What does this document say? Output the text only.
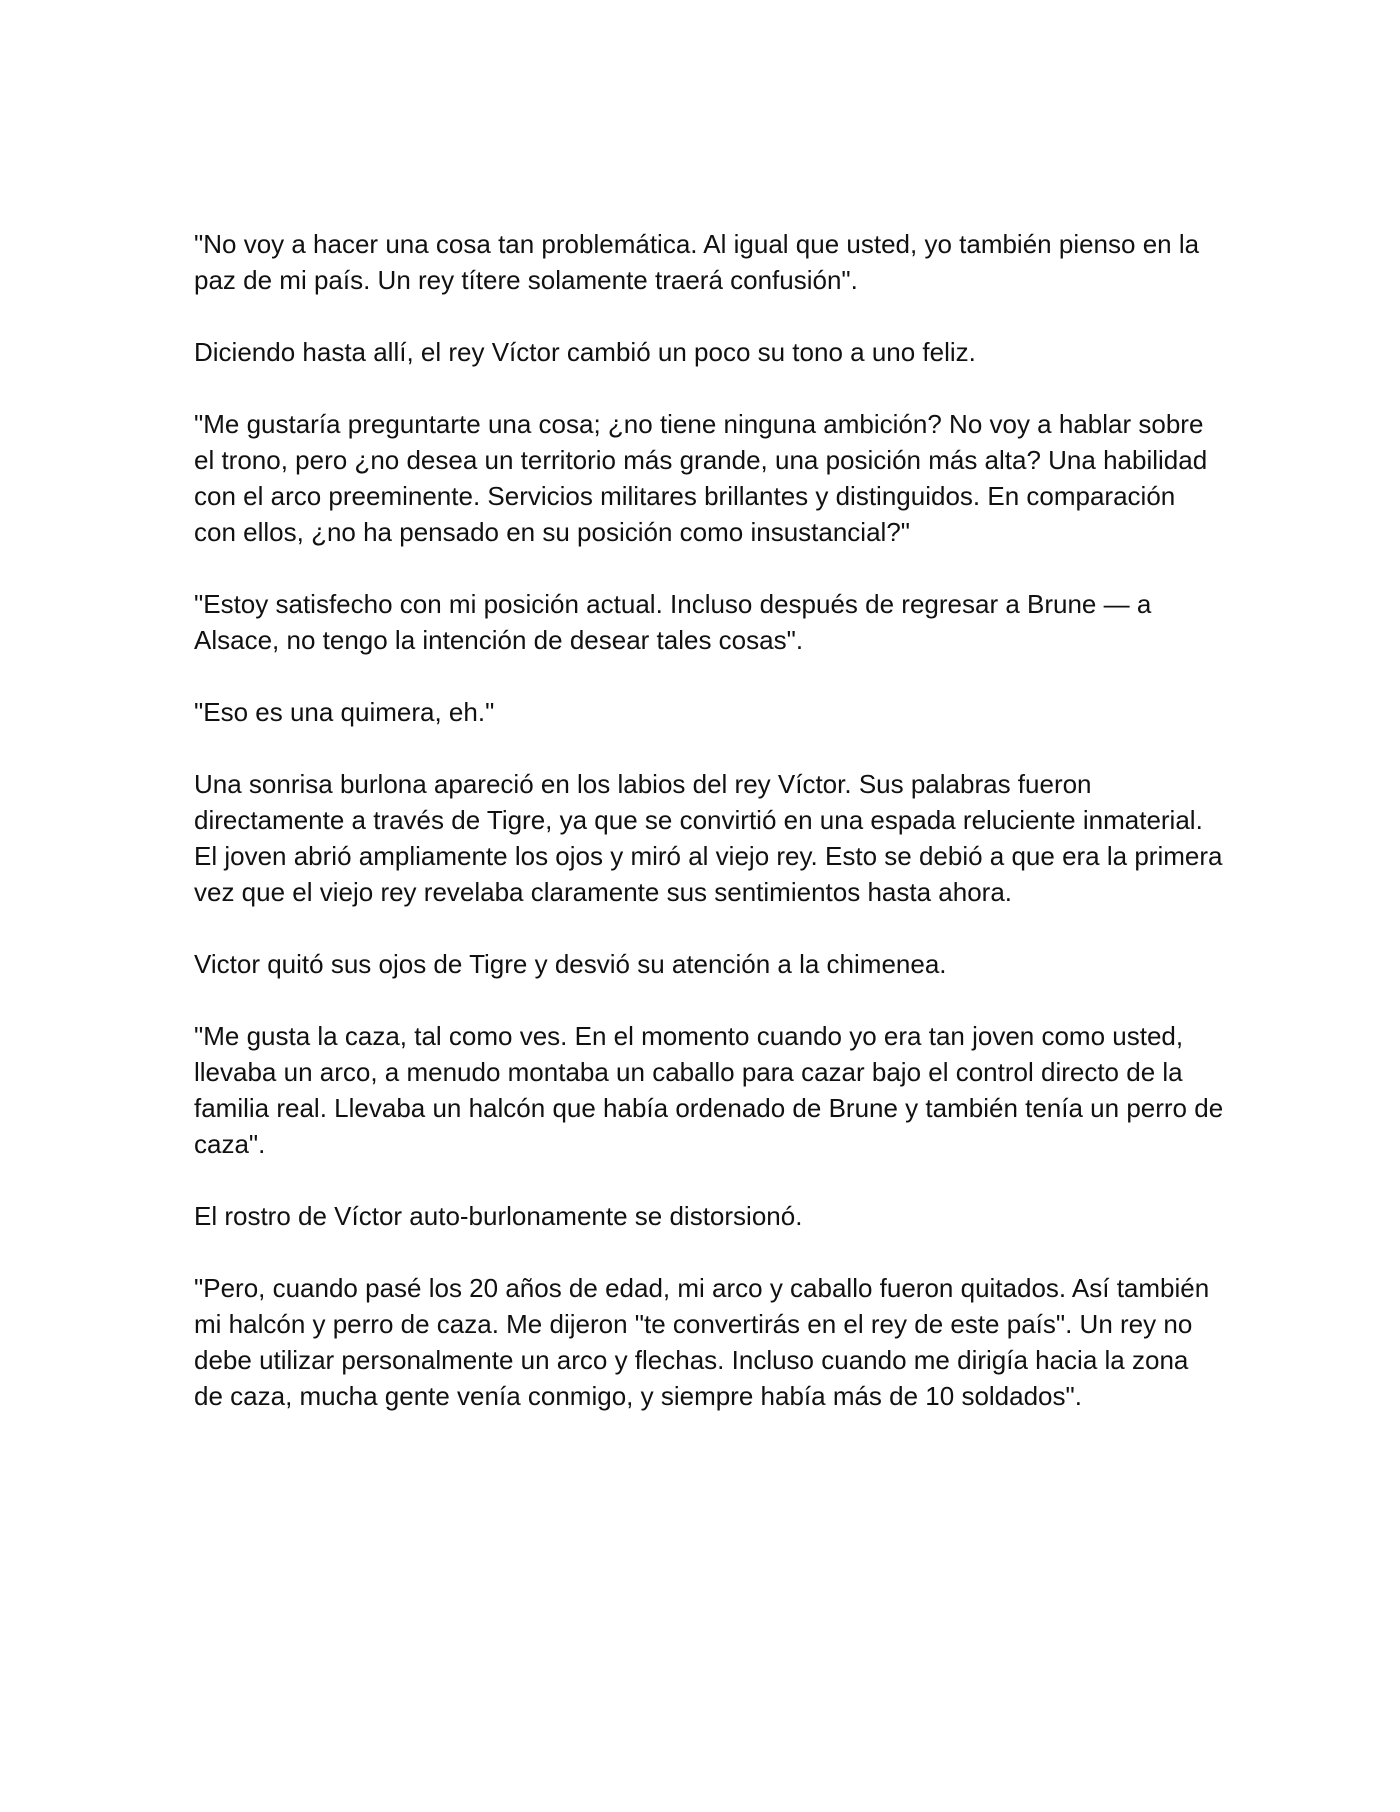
"No voy a hacer una cosa tan problemática. Al igual que usted, yo también pienso en la paz de mi país. Un rey títere solamente traerá confusión".

Diciendo hasta allí, el rey Víctor cambió un poco su tono a uno feliz.

"Me gustaría preguntarte una cosa; ¿no tiene ninguna ambición? No voy a hablar sobre el trono, pero ¿no desea un territorio más grande, una posición más alta? Una habilidad con el arco preeminente. Servicios militares brillantes y distinguidos. En comparación con ellos, ¿no ha pensado en su posición como insustancial?"

"Estoy satisfecho con mi posición actual. Incluso después de regresar a Brune — a Alsace, no tengo la intención de desear tales cosas".

"Eso es una quimera, eh."

Una sonrisa burlona apareció en los labios del rey Víctor. Sus palabras fueron directamente a través de Tigre, ya que se convirtió en una espada reluciente inmaterial. El joven abrió ampliamente los ojos y miró al viejo rey. Esto se debió a que era la primera vez que el viejo rey revelaba claramente sus sentimientos hasta ahora.

Victor quitó sus ojos de Tigre y desvió su atención a la chimenea.

"Me gusta la caza, tal como ves. En el momento cuando yo era tan joven como usted, llevaba un arco, a menudo montaba un caballo para cazar bajo el control directo de la familia real. Llevaba un halcón que había ordenado de Brune y también tenía un perro de caza".

El rostro de Víctor auto-burlonamente se distorsionó.

"Pero, cuando pasé los 20 años de edad, mi arco y caballo fueron quitados. Así también mi halcón y perro de caza. Me dijeron "te convertirás en el rey de este país". Un rey no debe utilizar personalmente un arco y flechas. Incluso cuando me dirigía hacia la zona de caza, mucha gente venía conmigo, y siempre había más de 10 soldados".
